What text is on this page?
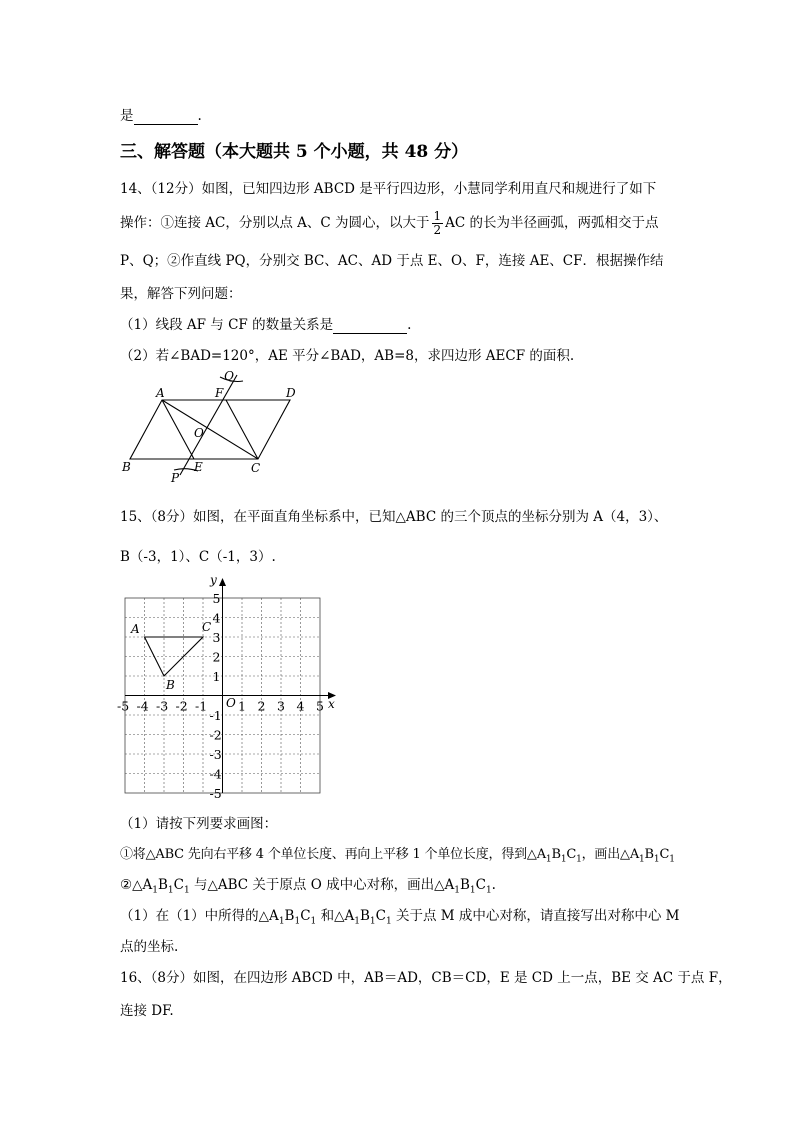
是	.
三、解答题（本大题共 5 个小题，共 48 分）
14、（12分）如图，已知四边形 ABCD 是平行四边形，小慧同学利用直尺和规进行了如下
操作：①连接 AC，分别以点 A、C 为圆心，以大于 $\frac{1}{2}$ AC 的长为半径画弧，两弧相交于点
P、Q；②作直线 PQ，分别交 BC、AC、AD 于点 E、O、F，连接 AE、CF．根据操作结
果，解答下列问题：
（1）线段 AF 与 CF 的数量关系是	.
（2）若∠BAD=120°，AE 平分∠BAD，AB=8，求四边形 AECF 的面积.
A
B	C
D
E
F
O
P
Q
15、（8分）如图，在平面直角坐标系中，已知△ABC 的三个顶点的坐标分别为 A（4，3）、
B（-3，1）、C（-1，3）.
-5 -4 -3 -2 -1 1 2 3 4 5
5
4
3
2
1
-1
-2
-3
-4
-5
O	x
y
A
B
C
（1）请按下列要求画图：
①将△ABC 先向右平移 4 个单位长度、再向上平移 1 个单位长度，得到$\triangle A_1B_1C_1$，画出$\triangle A_1B_1C_1$
$②\triangle A_1B_1C_1$ 与△ABC 关于原点 O 成中心对称，画出$\triangle A_1B_1C_1$.
（1）在（1）中所得的$\triangle A_1B_1C_1$ 和$\triangle A_1B_1C_1$ 关于点 M 成中心对称，请直接写出对称中心 M
点的坐标.
16、（8分）如图，在四边形 ABCD 中，AB＝AD，CB＝CD，E 是 CD 上一点，BE 交 AC 于点 F，
连接 DF.
